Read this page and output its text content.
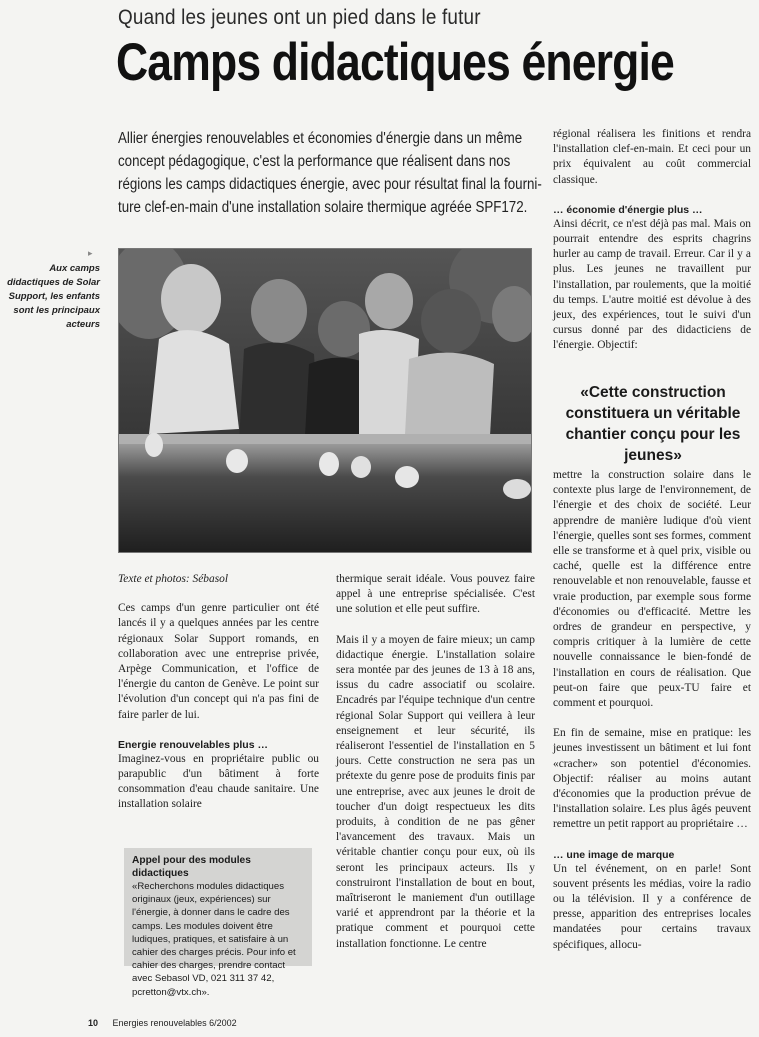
Quand les jeunes ont un pied dans le futur
Camps didactiques énergie
Allier énergies renouvelables et économies d'énergie dans un même
concept pédagogique, c'est la performance que réalisent dans nos
régions les camps didactiques énergie, avec pour résultat final la fourni-
ture clef-en-main d'une installation solaire thermique agréée SPF172.
▸
Aux camps didactiques de Solar Support, les enfants sont les principaux acteurs

Texte et photos: Sébasol

Ces camps d'un genre particulier ont été lancés il y a quelques années par les centre régionaux Solar Support romands, en collaboration avec une entreprise privée, Arpège Communication, et l'office de l'énergie du canton de Genève. Le point sur l'évolution d'un concept qui n'a pas fini de faire parler de lui.

Energie renouvelables plus …

Imaginez-vous en propriétaire public ou parapublic d'un bâtiment à forte consommation d'eau chaude sanitaire. Une installation solaire

Appel pour des modules didactiques
«Recherchons modules didactiques originaux (jeux, expériences) sur l'énergie, à donner dans le cadre des camps. Les modules doivent être ludiques, pratiques, et satisfaire à un cahier des charges précis. Pour info et cahier des charges, prendre contact avec Sebasol VD, 021 311 37 42, pcretton@vtx.ch».

thermique serait idéale. Vous pouvez faire appel à une entreprise spécialisée. C'est une solution et elle peut suffire.

Mais il y a moyen de faire mieux; un camp didactique énergie. L'installation solaire sera montée par des jeunes de 13 à 18 ans, issus du cadre associatif ou scolaire. Encadrés par l'équipe technique d'un centre régional Solar Support qui veillera à leur enseignement et leur sécurité, ils réaliseront l'essentiel de l'installation en 5 jours. Cette construction ne sera pas un prétexte du genre pose de produits finis par une entreprise, avec aux jeunes le droit de toucher d'un doigt respectueux les dits produits, à condition de ne pas gêner l'avancement des travaux. Mais un véritable chantier conçu pour eux, où ils seront les principaux acteurs. Ils y construiront l'installation de bout en bout, maîtriseront le maniement d'un outillage varié et apprendront par la théorie et la pratique comment et pourquoi cette installation fonctionne. Le centre

régional réalisera les finitions et rendra l'installation clef-en-main. Et ceci pour un prix équivalent au coût commercial classique.

… économie d'énergie plus …

Ainsi décrit, ce n'est déjà pas mal. Mais on pourrait entendre des esprits chagrins hurler au camp de travail. Erreur. Car il y a plus. Les jeunes ne travaillent pur l'installation, par roulements, que la moitié du temps. L'autre moitié est dévolue à des jeux, des expériences, tout le suivi d'un cursus donné par des didacticiens de l'énergie. Objectif:

«Cette construction constituera un véritable chantier conçu pour les jeunes»

mettre la construction solaire dans le contexte plus large de l'environnement, de l'énergie et des choix de société. Leur apprendre de manière ludique d'où vient l'énergie, quelles sont ses formes, comment elle se transforme et à quel prix, visible ou caché, quelle est la différence entre renouvelable et non renouvelable, fausse et vraie production, par exemple sous forme d'économies ou d'efficacité. Mettre les ordres de grandeur en perspective, y compris critiquer à la lumière de cette nouvelle connaissance le bien-fondé de l'installation en cours de réalisation. Que peut-on faire que peux-TU faire et comment et pourquoi.

En fin de semaine, mise en pratique: les jeunes investissent un bâtiment et lui font «cracher» son potentiel d'économies. Objectif: réaliser au moins autant d'économies que la production prévue de l'installation solaire. Les plus âgés peuvent remettre un petit rapport au propriétaire …

… une image de marque

Un tel événement, on en parle! Sont souvent présents les médias, voire la radio ou la télévision. Il y a conférence de presse, apparition des entreprises locales mandatées pour certains travaux spécifiques, allocu-

10 Energies renouvelables 6/2002
